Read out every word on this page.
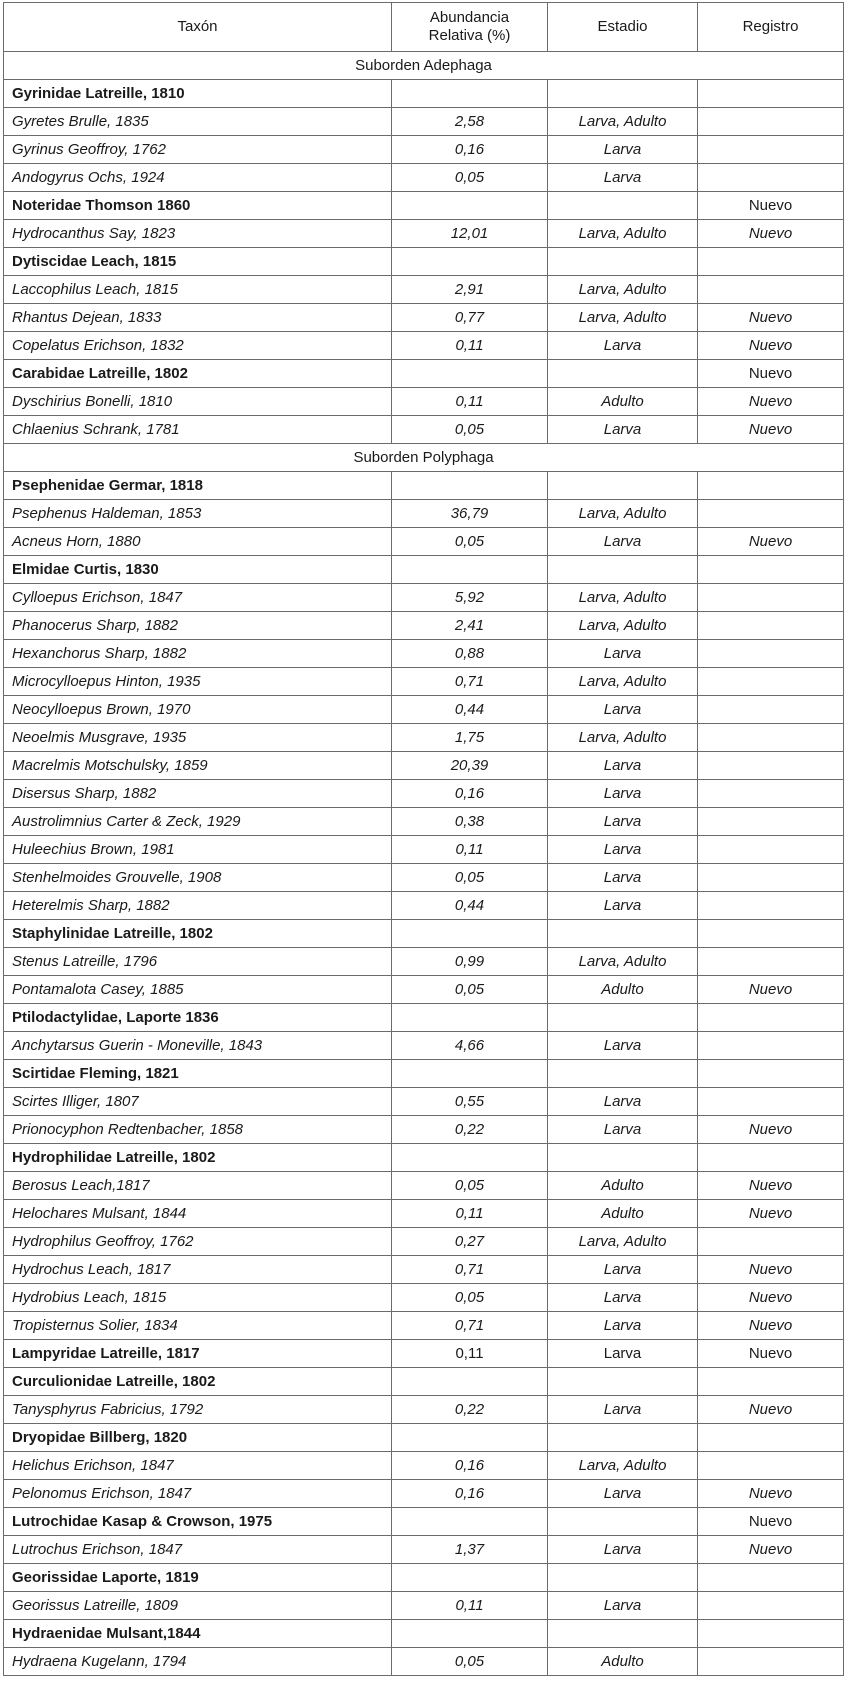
Taxón	Abundancia
Relativa (%)	Estadio	Registro
Suborden Adephaga			
Gyrinidae Latreille, 1810			
Gyretes Brulle, 1835	2,58	Larva, Adulto	
Gyrinus Geoffroy, 1762	0,16	Larva	
Andogyrus Ochs, 1924	0,05	Larva	
Noteridae Thomson 1860			Nuevo
Hydrocanthus Say, 1823	12,01	Larva, Adulto	Nuevo
Dytiscidae Leach, 1815			
Laccophilus Leach, 1815	2,91	Larva, Adulto	
Rhantus Dejean, 1833	0,77	Larva, Adulto	Nuevo
Copelatus Erichson, 1832	0,11	Larva	Nuevo
Carabidae Latreille, 1802			Nuevo
Dyschirius Bonelli, 1810	0,11	Adulto	Nuevo
Chlaenius Schrank, 1781	0,05	Larva	Nuevo
Suborden Polyphaga			
Psephenidae Germar, 1818			
Psephenus Haldeman, 1853	36,79	Larva, Adulto	
Acneus Horn, 1880	0,05	Larva	Nuevo
Elmidae Curtis, 1830			
Cylloepus Erichson, 1847	5,92	Larva, Adulto	
Phanocerus Sharp, 1882	2,41	Larva, Adulto	
Hexanchorus Sharp, 1882	0,88	Larva	
Microcylloepus Hinton, 1935	0,71	Larva, Adulto	
Neocylloepus Brown, 1970	0,44	Larva	
Neoelmis Musgrave, 1935	1,75	Larva, Adulto	
Macrelmis Motschulsky, 1859	20,39	Larva	
Disersus Sharp, 1882	0,16	Larva	
Austrolimnius Carter & Zeck, 1929	0,38	Larva	
Huleechius Brown, 1981	0,11	Larva	
Stenhelmoides Grouvelle, 1908	0,05	Larva	
Heterelmis Sharp, 1882	0,44	Larva	
Staphylinidae Latreille, 1802			
Stenus Latreille, 1796	0,99	Larva, Adulto	
Pontamalota Casey, 1885	0,05	Adulto	Nuevo
Ptilodactylidae, Laporte 1836			
Anchytarsus Guerin - Moneville, 1843	4,66	Larva	
Scirtidae Fleming, 1821			
Scirtes Illiger, 1807	0,55	Larva	
Prionocyphon Redtenbacher, 1858	0,22	Larva	Nuevo
Hydrophilidae Latreille, 1802			
Berosus Leach,1817	0,05	Adulto	Nuevo
Helochares Mulsant, 1844	0,11	Adulto	Nuevo
Hydrophilus Geoffroy, 1762	0,27	Larva, Adulto	
Hydrochus Leach, 1817	0,71	Larva	Nuevo
Hydrobius Leach, 1815	0,05	Larva	Nuevo
Tropisternus Solier, 1834	0,71	Larva	Nuevo
Lampyridae Latreille, 1817	0,11	Larva	Nuevo
Curculionidae Latreille, 1802			
Tanysphyrus Fabricius, 1792	0,22	Larva	Nuevo
Dryopidae Billberg, 1820			
Helichus Erichson, 1847	0,16	Larva, Adulto	
Pelonomus Erichson, 1847	0,16	Larva	Nuevo
Lutrochidae Kasap & Crowson, 1975			Nuevo
Lutrochus Erichson, 1847	1,37	Larva	Nuevo
Georissidae Laporte, 1819			
Georissus Latreille, 1809	0,11	Larva	
Hydraenidae Mulsant,1844			
Hydraena Kugelann, 1794	0,05	Adulto	
